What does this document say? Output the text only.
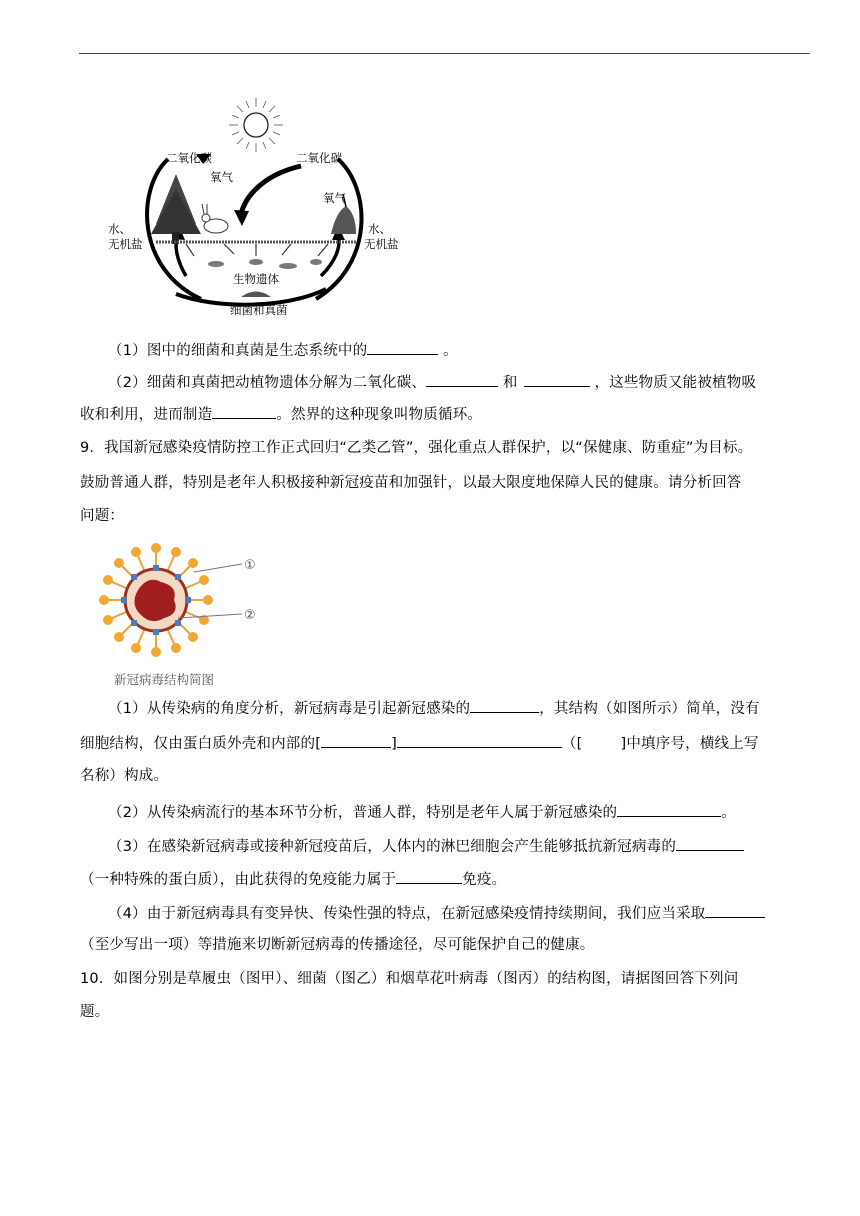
二氧化碳	二氧化碳
氧气
氧气
水、
无机盐
水、
无机盐
生物遗体
细菌和真菌
（1）图中的细菌和真菌是生态系统中的	。
（2）细菌和真菌把动植物遗体分解为二氧化碳、	和	，这些物质又能被植物吸
收和利用，进而制造	。然界的这种现象叫物质循环。
9．我国新冠感染疫情防控工作正式回归“乙类乙管”，强化重点人群保护，以“保健康、防重症”为目标。
鼓励普通人群，特别是老年人积极接种新冠疫苗和加强针，以最大限度地保障人民的健康。请分析回答
问题：
①
②
新冠病毒结构简图
（1）从传染病的角度分析，新冠病毒是引起新冠感染的	，其结构（如图所示）简单，没有
细胞结构，仅由蛋白质外壳和内部的[	]	（[	]中填序号，横线上写
名称）构成。
（2）从传染病流行的基本环节分析，普通人群，特别是老年人属于新冠感染的	。
（3）在感染新冠病毒或接种新冠疫苗后，人体内的淋巴细胞会产生能够抵抗新冠病毒的
（一种特殊的蛋白质），由此获得的免疫能力属于	免疫。
（4）由于新冠病毒具有变异快、传染性强的特点，在新冠感染疫情持续期间，我们应当采取
（至少写出一项）等措施来切断新冠病毒的传播途径，尽可能保护自己的健康。
10．如图分别是草履虫（图甲）、细菌（图乙）和烟草花叶病毒（图丙）的结构图，请据图回答下列问
题。
